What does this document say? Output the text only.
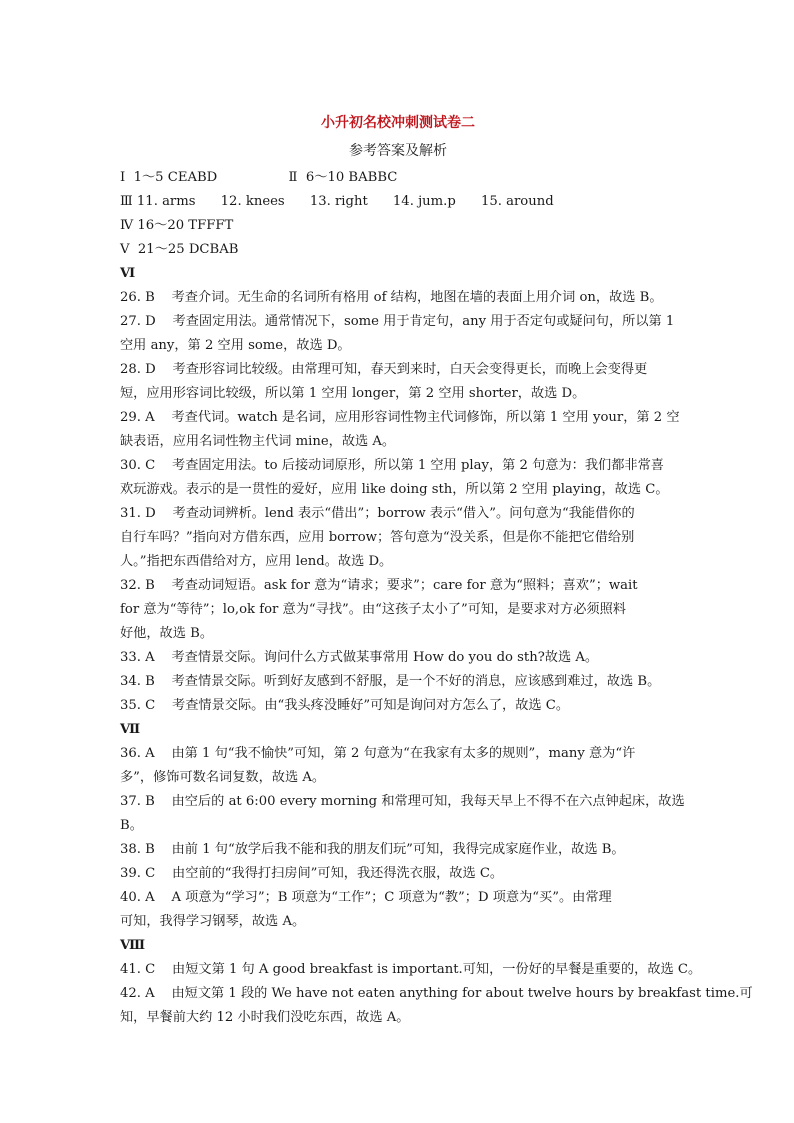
小升初名校冲刺测试卷二
参考答案及解析
Ⅰ  1～5 CEABD                 Ⅱ  6～10 BABBC
Ⅲ 11. arms      12. knees      13. right      14. jum.p      15. around
Ⅳ 16～20 TFFFT
Ⅴ  21～25 DCBAB
Ⅵ
26. B    考查介词。无生命的名词所有格用 of 结构，地图在墙的表面上用介词 on，故选 B。
27. D    考查固定用法。通常情况下，some 用于肯定句，any 用于否定句或疑问句，所以第 1
空用 any，第 2 空用 some，故选 D。
28. D    考查形容词比较级。由常理可知，春天到来时，白天会变得更长，而晚上会变得更
短，应用形容词比较级，所以第 1 空用 longer，第 2 空用 shorter，故选 D。
29. A    考查代词。watch 是名词，应用形容词性物主代词修饰，所以第 1 空用 your，第 2 空
缺表语，应用名词性物主代词 mine，故选 A。
30. C    考查固定用法。to 后接动词原形，所以第 1 空用 play，第 2 句意为：我们都非常喜
欢玩游戏。表示的是一贯性的爱好，应用 like doing sth，所以第 2 空用 playing，故选 C。
31. D    考查动词辨析。lend 表示“借出”；borrow 表示“借入”。问句意为“我能借你的
自行车吗？”指向对方借东西，应用 borrow；答句意为“没关系，但是你不能把它借给别
人。”指把东西借给对方，应用 lend。故选 D。
32. B    考查动词短语。ask for 意为“请求；要求”；care for 意为“照料；喜欢”；wait
for 意为“等待”；lo,ok for 意为“寻找”。由“这孩子太小了”可知，是要求对方必须照料
好他，故选 B。
33. A    考查情景交际。询问什么方式做某事常用 How do you do sth?故选 A。
34. B    考查情景交际。听到好友感到不舒服，是一个不好的消息，应该感到难过，故选 B。
35. C    考查情景交际。由“我头疼没睡好”可知是询问对方怎么了，故选 C。
Ⅶ
36. A    由第 1 句“我不愉快”可知，第 2 句意为“在我家有太多的规则”，many 意为“许
多”，修饰可数名词复数，故选 A。
37. B    由空后的 at 6:00 every morning 和常理可知，我每天早上不得不在六点钟起床，故选
B。
38. B    由前 1 句“放学后我不能和我的朋友们玩”可知，我得完成家庭作业，故选 B。
39. C    由空前的“我得打扫房间”可知，我还得洗衣服，故选 C。
40. A    A 项意为“学习”；B 项意为“工作”；C 项意为“教”；D 项意为“买”。由常理
可知，我得学习钢琴，故选 A。
Ⅷ
41. C    由短文第 1 句 A good breakfast is important.可知，一份好的早餐是重要的，故选 C。
42. A    由短文第 1 段的 We have not eaten anything for about twelve hours by breakfast time.可
知，早餐前大约 12 小时我们没吃东西，故选 A。
